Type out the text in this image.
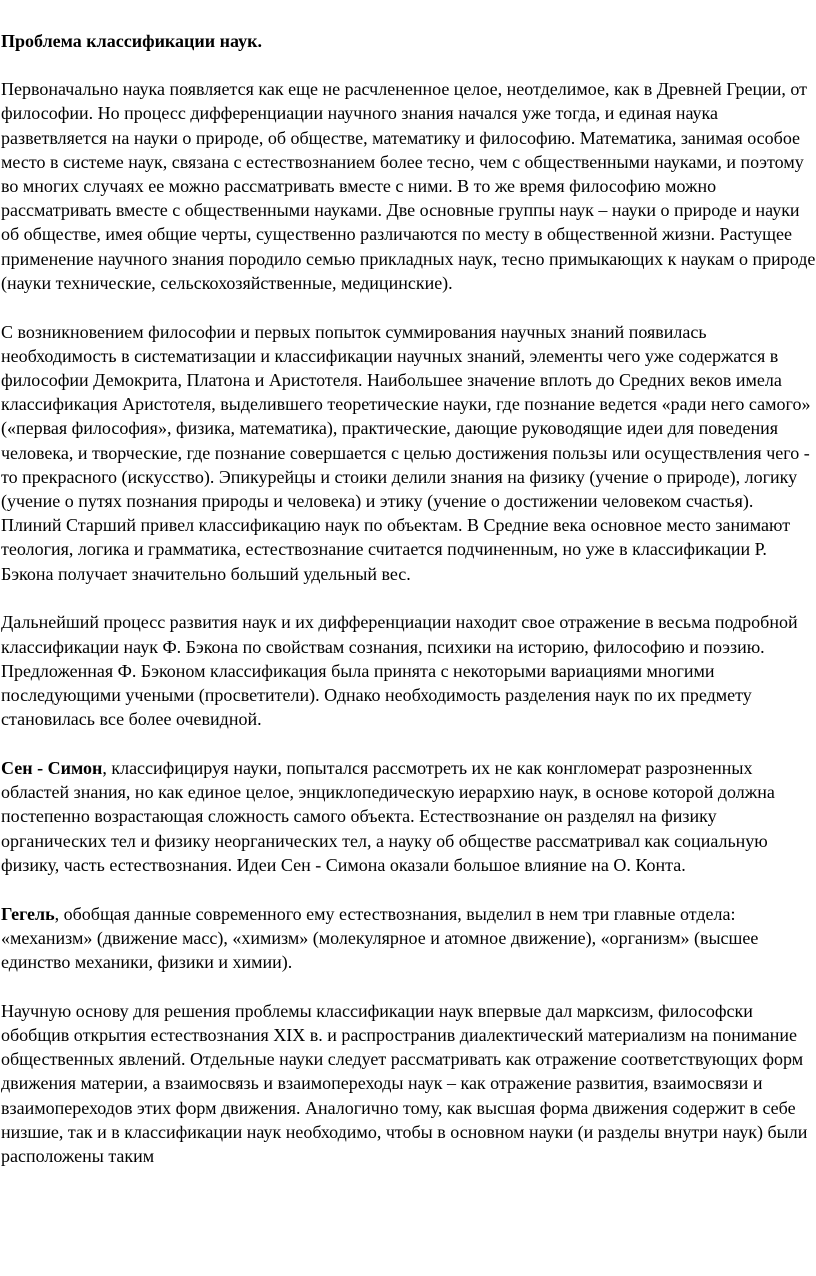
Проблема классификации наук.

Первоначально наука появляется как еще не расчлененное целое, неотделимое, как в Древней Греции, от философии. Но процесс дифференциации научного знания начался уже тогда, и единая наука разветвляется на науки о природе, об обществе, математику и философию. Математика, занимая особое место в системе наук, связана с естествознанием более тесно, чем с общественными науками, и поэтому во многих случаях ее можно рассматривать вместе с ними. В то же время философию можно рассматривать вместе с общественными науками. Две основные группы наук – науки о природе и науки об обществе, имея общие черты, существенно различаются по месту в общественной жизни. Растущее применение научного знания породило семью прикладных наук, тесно примыкающих к наукам о природе (науки технические, сельскохозяйственные, медицинские).

С возникновением философии и первых попыток суммирования научных знаний появилась необходимость в систематизации и классификации научных знаний, элементы чего уже содержатся в философии Демокрита, Платона и Аристотеля. Наибольшее значение вплоть до Средних веков имела классификация Аристотеля, выделившего теоретические науки, где познание ведется «ради него самого» («первая философия», физика, математика), практические, дающие руководящие идеи для поведения человека, и творческие, где познание совершается с целью достижения пользы или осуществления чего - то прекрасного (искусство). Эпикурейцы и стоики делили знания на физику (учение о природе), логику (учение о путях познания природы и человека) и этику (учение о достижении человеком счастья). Плиний Старший привел классификацию наук по объектам. В Средние века основное место занимают теология, логика и грамматика, естествознание считается подчиненным, но уже в классификации Р. Бэкона получает значительно больший удельный вес.

Дальнейший процесс развития наук и их дифференциации находит свое отражение в весьма подробной классификации наук Ф. Бэкона по свойствам сознания, психики на историю, философию и поэзию. Предложенная Ф. Бэконом классификация была принята с некоторыми вариациями многими последующими учеными (просветители). Однако необходимость разделения наук по их предмету становилась все более очевидной.

Сен - Симон, классифицируя науки, попытался рассмотреть их не как конгломерат разрозненных областей знания, но как единое целое, энциклопедическую иерархию наук, в основе которой должна постепенно возрастающая сложность самого объекта. Естествознание он разделял на физику органических тел и физику неорганических тел, а науку об обществе рассматривал как социальную физику, часть естествознания. Идеи Сен - Симона оказали большое влияние на О. Конта.

Гегель, обобщая данные современного ему естествознания, выделил в нем три главные отдела: «механизм» (движение масс), «химизм» (молекулярное и атомное движение), «организм» (высшее единство механики, физики и химии).

Научную основу для решения проблемы классификации наук впервые дал марксизм, философски обобщив открытия естествознания XIX в. и распространив диалектический материализм на понимание общественных явлений. Отдельные науки следует рассматривать как отражение соответствующих форм движения материи, а взаимосвязь и взаимопереходы наук – как отражение развития, взаимосвязи и взаимопереходов этих форм движения. Аналогично тому, как высшая форма движения содержит в себе низшие, так и в классификации наук необходимо, чтобы в основном науки (и разделы внутри наук) были расположены таким
